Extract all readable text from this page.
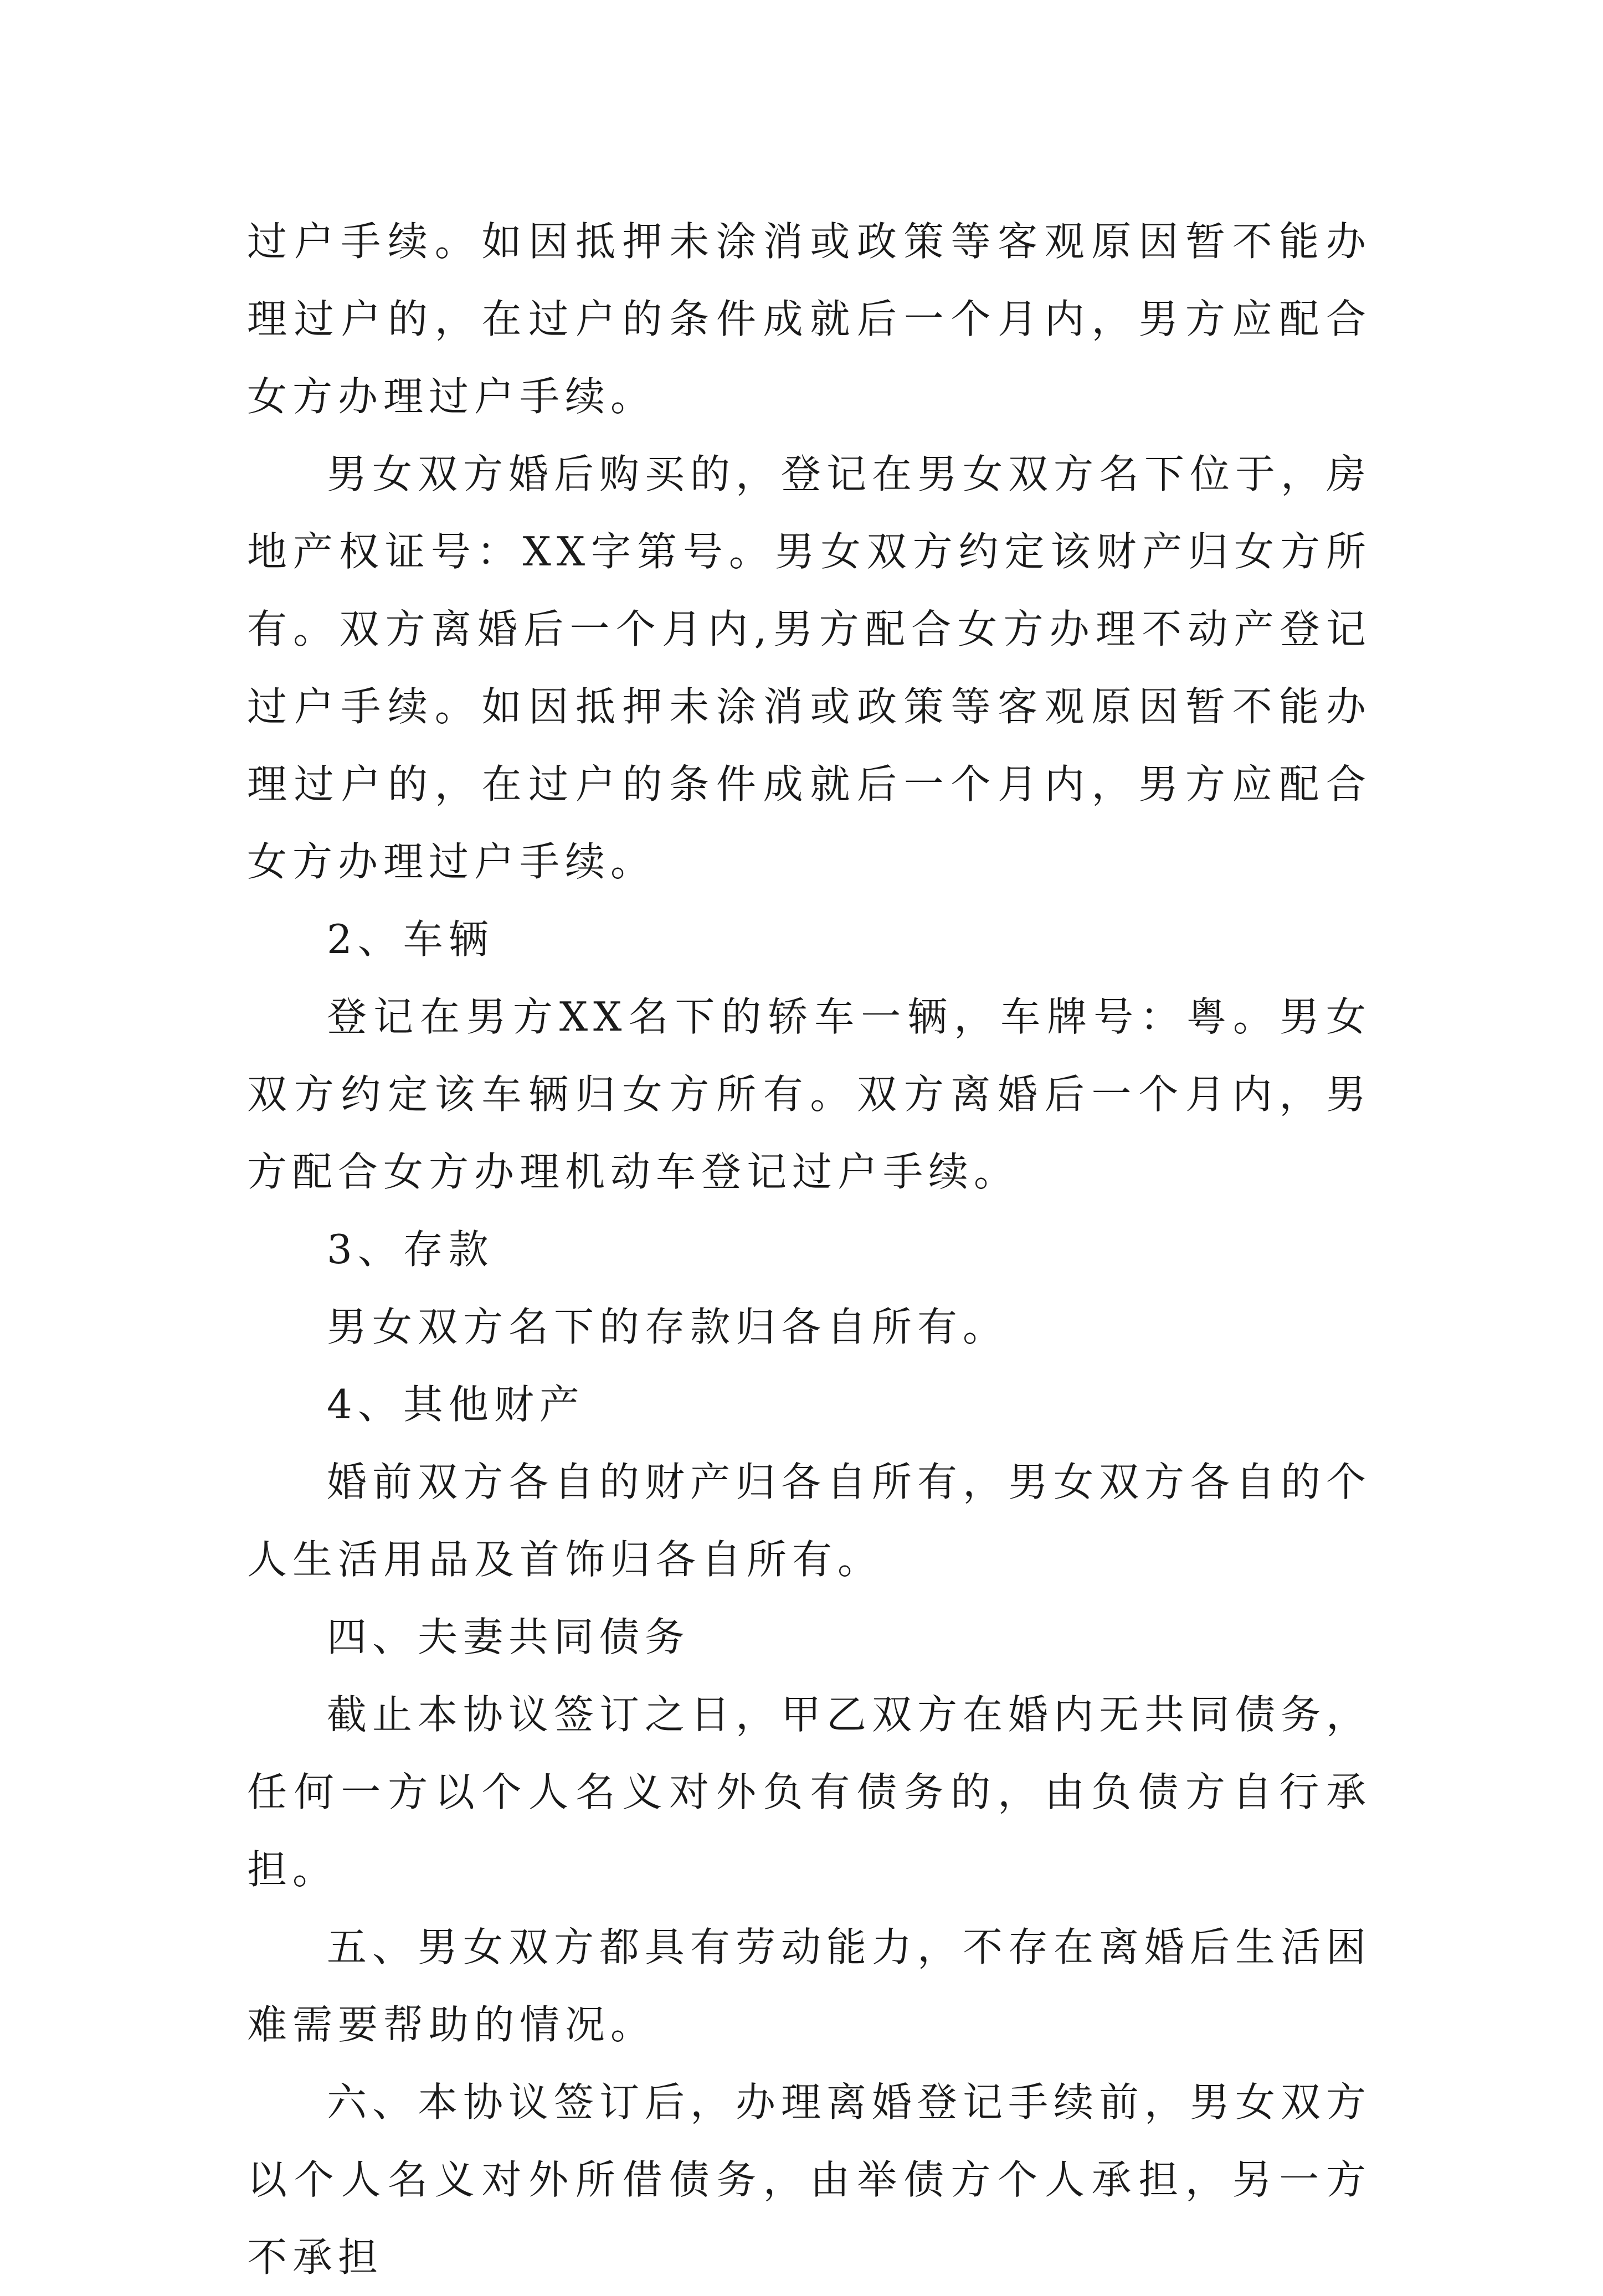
过户手续。如因抵押未涂消或政策等客观原因暂不能办理过户的，在过户的条件成就后一个月内，男方应配合女方办理过户手续。

男女双方婚后购买的，登记在男女双方名下位于，房地产权证号：XX字第号。男女双方约定该财产归女方所有。双方离婚后一个月内,男方配合女方办理不动产登记过户手续。如因抵押未涂消或政策等客观原因暂不能办理过户的，在过户的条件成就后一个月内，男方应配合女方办理过户手续。

2、车辆

登记在男方XX名下的轿车一辆，车牌号：粤。男女双方约定该车辆归女方所有。双方离婚后一个月内，男方配合女方办理机动车登记过户手续。

3、存款

男女双方名下的存款归各自所有。

4、其他财产

婚前双方各自的财产归各自所有，男女双方各自的个人生活用品及首饰归各自所有。

四、夫妻共同债务

截止本协议签订之日，甲乙双方在婚内无共同债务，任何一方以个人名义对外负有债务的，由负债方自行承担。

五、男女双方都具有劳动能力，不存在离婚后生活困难需要帮助的情况。

六、本协议签订后，办理离婚登记手续前，男女双方以个人名义对外所借债务，由举债方个人承担，另一方不承担
